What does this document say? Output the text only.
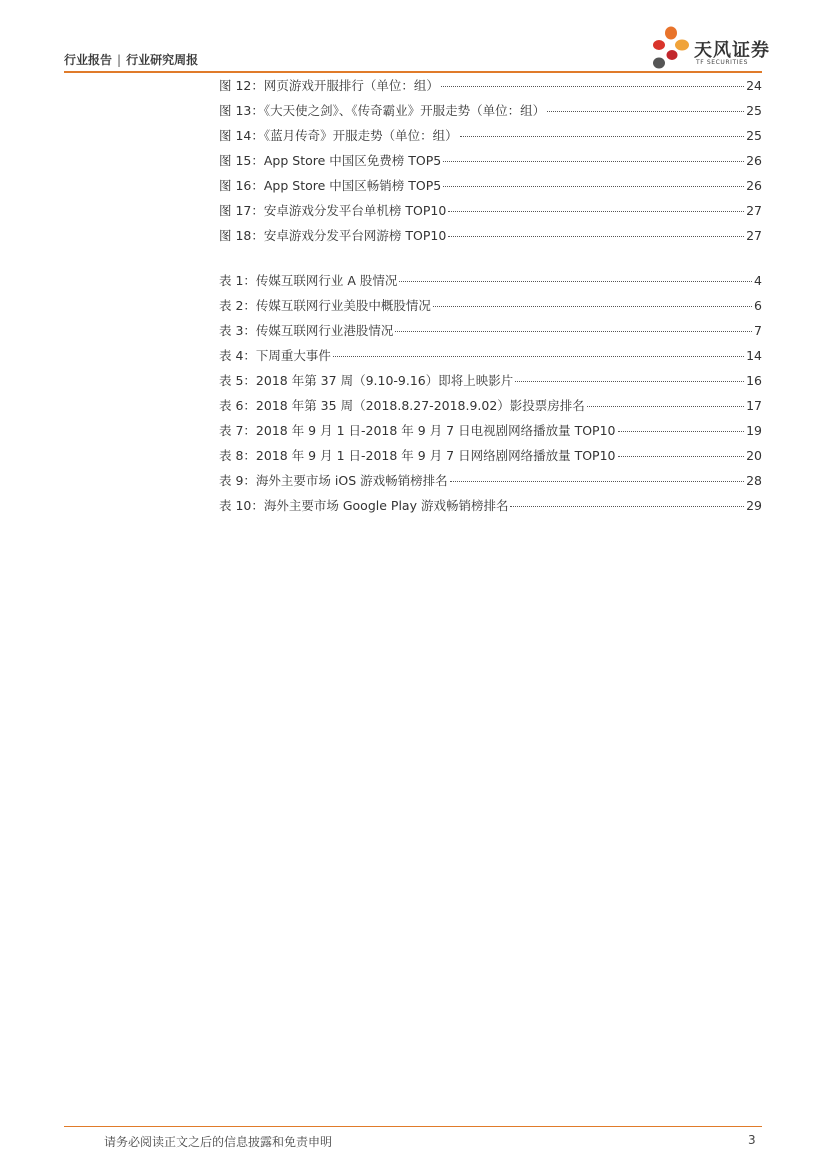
行业报告 | 行业研究周报	天风证券
TF SECURITIES
图 12：网页游戏开服排行（单位：组）	24
图 13：《大天使之剑》、《传奇霸业》开服走势（单位：组）	25
图 14：《蓝月传奇》开服走势（单位：组）	25
图 15：App Store 中国区免费榜 TOP5	26
图 16：App Store 中国区畅销榜 TOP5	26
图 17：安卓游戏分发平台单机榜 TOP10	27
图 18：安卓游戏分发平台网游榜 TOP10	27
表 1：传媒互联网行业 A 股情况	4
表 2：传媒互联网行业美股中概股情况	6
表 3：传媒互联网行业港股情况	7
表 4：下周重大事件	14
表 5：2018 年第 37 周（9.10-9.16）即将上映影片	16
表 6：2018 年第 35 周（2018.8.27-2018.9.02）影投票房排名	17
表 7：2018 年 9 月 1 日-2018 年 9 月 7 日电视剧网络播放量 TOP10	19
表 8：2018 年 9 月 1 日-2018 年 9 月 7 日网络剧网络播放量 TOP10	20
表 9：海外主要市场 iOS 游戏畅销榜排名	28
表 10：海外主要市场 Google Play 游戏畅销榜排名	29
请务必阅读正文之后的信息披露和免责申明	3
